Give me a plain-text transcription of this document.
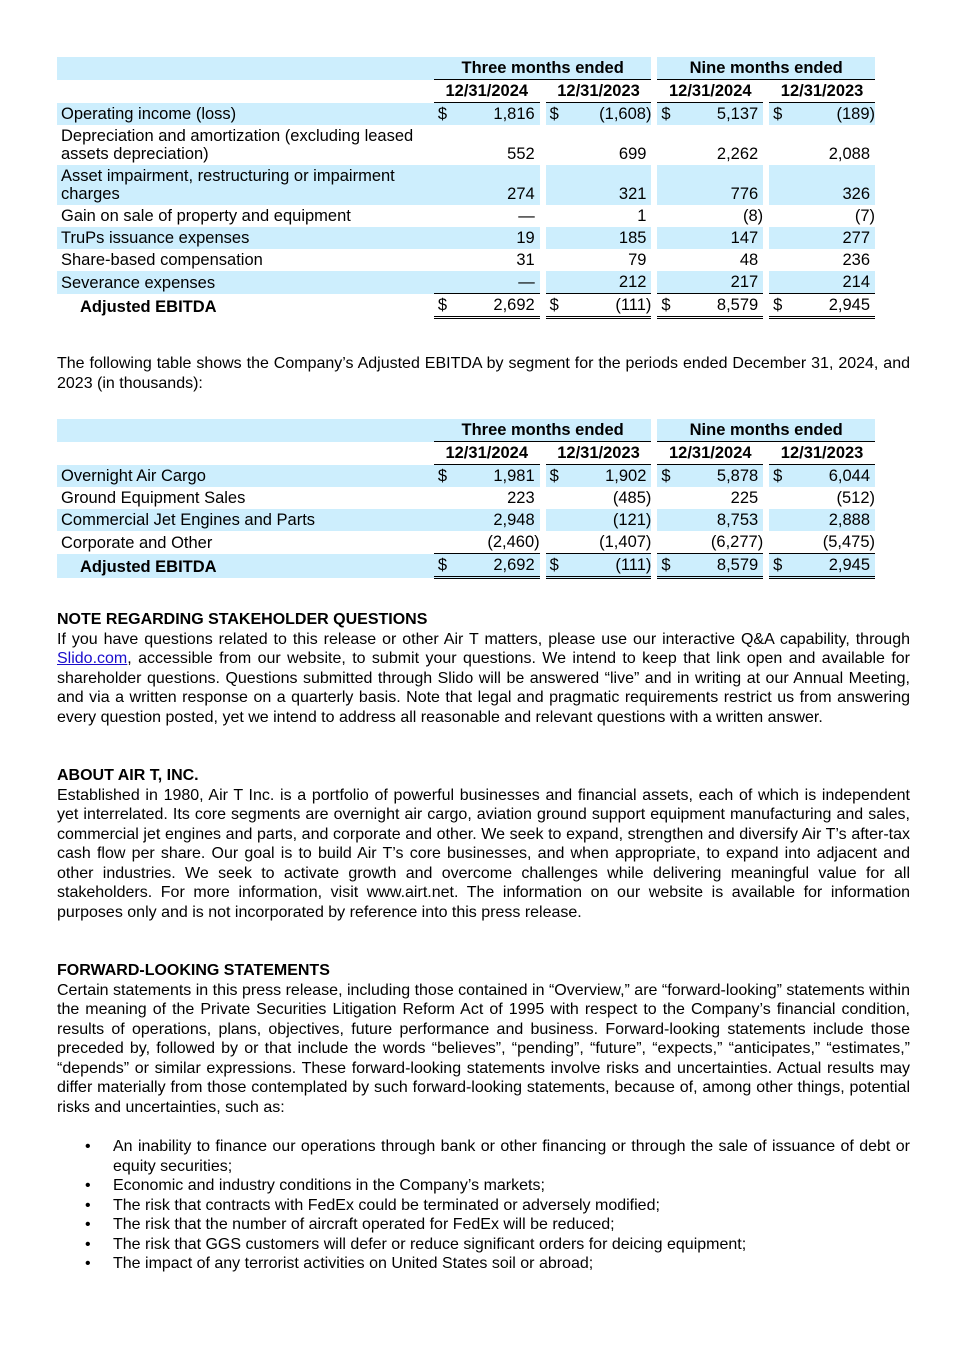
	Three months ended				Nine months ended		
	12/31/2024		12/31/2023		12/31/2024		12/31/2023
Operating income (loss)	$ 1,816		$ (1,608)		$ 5,137		$ (189)
Depreciation and amortization (excluding leased assets depreciation)	552		699		2,262		2,088
Asset impairment, restructuring or impairment charges	274		321		776		326
Gain on sale of property and equipment	—		1		(8)		(7)
TruPs issuance expenses	19		185		147		277
Share-based compensation	31		79		48		236
Severance expenses	—		212		217		214
Adjusted EBITDA	$ 2,692		$ (111)		$ 8,579		$ 2,945

The following table shows the Company’s Adjusted EBITDA by segment for the periods ended December 31, 2024, and 2023 (in thousands):

	Three months ended				Nine months ended		
	12/31/2024		12/31/2023		12/31/2024		12/31/2023
Overnight Air Cargo	$ 1,981		$ 1,902		$ 5,878		$ 6,044
Ground Equipment Sales	223		(485)		225		(512)
Commercial Jet Engines and Parts	2,948		(121)		8,753		2,888
Corporate and Other	(2,460)		(1,407)		(6,277)		(5,475)
Adjusted EBITDA	$ 2,692		$ (111)		$ 8,579		$ 2,945
NOTE REGARDING STAKEHOLDER QUESTIONS

If you have questions related to this release or other Air T matters, please use our interactive Q&A capability, through Slido.com, accessible from our website, to submit your questions. We intend to keep that link open and available for shareholder questions. Questions submitted through Slido will be answered “live” and in writing at our Annual Meeting, and via a written response on a quarterly basis. Note that legal and pragmatic requirements restrict us from answering every question posted, yet we intend to address all reasonable and relevant questions with a written answer.

ABOUT AIR T, INC.

Established in 1980, Air T Inc. is a portfolio of powerful businesses and financial assets, each of which is independent yet interrelated. Its core segments are overnight air cargo, aviation ground support equipment manufacturing and sales, commercial jet engines and parts, and corporate and other. We seek to expand, strengthen and diversify Air T’s after-tax cash flow per share. Our goal is to build Air T’s core businesses, and when appropriate, to expand into adjacent and other industries. We seek to activate growth and overcome challenges while delivering meaningful value for all stakeholders. For more information, visit www.airt.net. The information on our website is available for information purposes only and is not incorporated by reference into this press release.

FORWARD-LOOKING STATEMENTS

Certain statements in this press release, including those contained in “Overview,” are “forward-looking” statements within the meaning of the Private Securities Litigation Reform Act of 1995 with respect to the Company’s financial condition, results of operations, plans, objectives, future performance and business. Forward-looking statements include those preceded by, followed by or that include the words “believes”, “pending”, “future”, “expects,” “anticipates,” “estimates,” “depends” or similar expressions. These forward-looking statements involve risks and uncertainties. Actual results may differ materially from those contemplated by such forward-looking statements, because of, among other things, potential risks and uncertainties, such as:

• An inability to finance our operations through bank or other financing or through the sale of issuance of debt or equity securities;
• Economic and industry conditions in the Company’s markets;
• The risk that contracts with FedEx could be terminated or adversely modified;
• The risk that the number of aircraft operated for FedEx will be reduced;
• The risk that GGS customers will defer or reduce significant orders for deicing equipment;
• The impact of any terrorist activities on United States soil or abroad;
